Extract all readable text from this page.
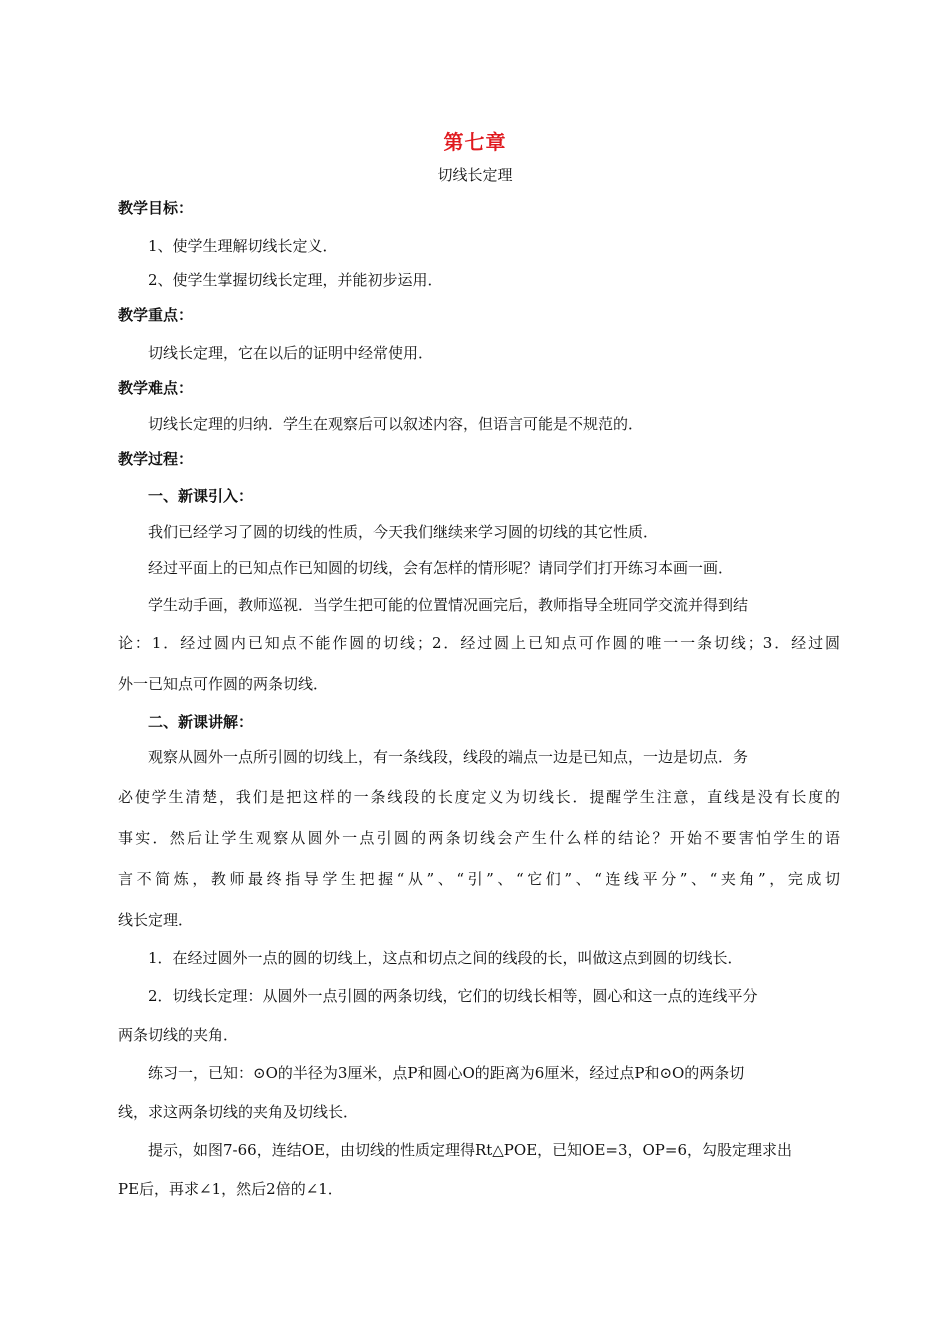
第七章
切线长定理
教学目标：
1、使学生理解切线长定义．
2、使学生掌握切线长定理，并能初步运用．
教学重点：
切线长定理，它在以后的证明中经常使用．
教学难点：
切线长定理的归纳．学生在观察后可以叙述内容，但语言可能是不规范的．
教学过程：
一、新课引入：
我们已经学习了圆的切线的性质，今天我们继续来学习圆的切线的其它性质．
经过平面上的已知点作已知圆的切线，会有怎样的情形呢？请同学们打开练习本画一画．
学生动手画，教师巡视．当学生把可能的位置情况画完后，教师指导全班同学交流并得到结
论：1．经过圆内已知点不能作圆的切线；2．经过圆上已知点可作圆的唯一一条切线；3．经过圆
外一已知点可作圆的两条切线．
二、新课讲解：
观察从圆外一点所引圆的切线上，有一条线段，线段的端点一边是已知点，一边是切点．务
必使学生清楚，我们是把这样的一条线段的长度定义为切线长．提醒学生注意，直线是没有长度的
事实．然后让学生观察从圆外一点引圆的两条切线会产生什么样的结论？开始不要害怕学生的语
言不简炼，教师最终指导学生把握“从”、“引”、“它们”、“连线平分”、“夹角”，完成切
线长定理．
1．在经过圆外一点的圆的切线上，这点和切点之间的线段的长，叫做这点到圆的切线长．
2．切线长定理：从圆外一点引圆的两条切线，它们的切线长相等，圆心和这一点的连线平分
两条切线的夹角．
练习一，已知：⊙O的半径为3厘米，点P和圆心O的距离为6厘米，经过点P和⊙O的两条切
线，求这两条切线的夹角及切线长．
提示，如图7-66，连结OE，由切线的性质定理得Rt△POE，已知OE=3，OP=6，勾股定理求出
PE后，再求∠1，然后2倍的∠1．
